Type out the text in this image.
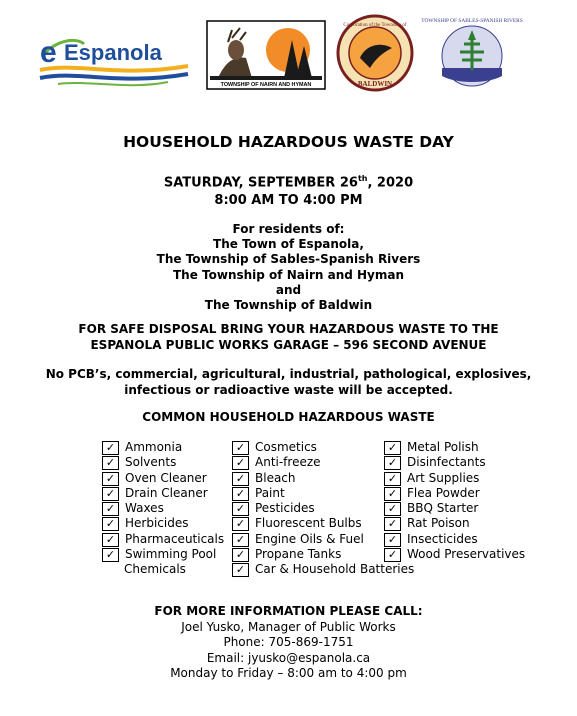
e Espanola
TOWNSHIP OF NAIRN AND HYMAN
Corporation of the Township of
BALDWIN
TOWNSHIP OF SABLES-SPANISH RIVERS
HOUSEHOLD HAZARDOUS WASTE DAY
SATURDAY, SEPTEMBER 26th, 2020
8:00 AM TO 4:00 PM
For residents of:
The Town of Espanola,
The Township of Sables-Spanish Rivers
The Township of Nairn and Hyman
and
The Township of Baldwin
FOR SAFE DISPOSAL BRING YOUR HAZARDOUS WASTE TO THE
ESPANOLA PUBLIC WORKS GARAGE – 596 SECOND AVENUE
No PCB’s, commercial, agricultural, industrial, pathological, explosives,
infectious or radioactive waste will be accepted.
COMMON HOUSEHOLD HAZARDOUS WASTE
✓ Ammonia
✓ Solvents
✓ Oven Cleaner
✓ Drain Cleaner
✓ Waxes
✓ Herbicides
✓ Pharmaceuticals
✓ Swimming Pool
Chemicals
✓ Cosmetics
✓ Anti-freeze
✓ Bleach
✓ Paint
✓ Pesticides
✓ Fluorescent Bulbs
✓ Engine Oils & Fuel
✓ Propane Tanks
✓ Car & Household Batteries
✓ Metal Polish
✓ Disinfectants
✓ Art Supplies
✓ Flea Powder
✓ BBQ Starter
✓ Rat Poison
✓ Insecticides
✓ Wood Preservatives
FOR MORE INFORMATION PLEASE CALL:
Joel Yusko, Manager of Public Works
Phone: 705-869-1751
Email: jyusko@espanola.ca
Monday to Friday – 8:00 am to 4:00 pm
